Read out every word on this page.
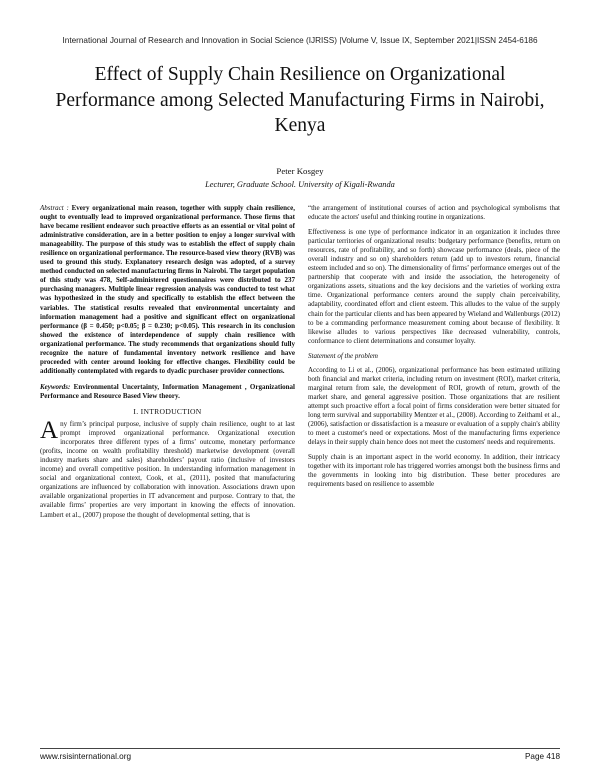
International Journal of Research and Innovation in Social Science (IJRISS) |Volume V, Issue IX, September 2021|ISSN 2454-6186
Effect of Supply Chain Resilience on Organizational Performance among Selected Manufacturing Firms in Nairobi, Kenya
Peter Kosgey
Lecturer, Graduate School. University of Kigali-Rwanda
Abstract : Every organizational main reason, together with supply chain resilience, ought to eventually lead to improved organizational performance. Those firms that have became resilient endeavor such proactive efforts as an essential or vital point of administrative consideration, are in a better position to enjoy a longer survival with manageability. The purpose of this study was to establish the effect of supply chain resilience on organizational performance. The resource-based view theory (RVB) was used to ground this study. Explanatory research design was adopted, of a survey method conducted on selected manufacturing firms in Nairobi. The target population of this study was 478, Self-administered questionnaires were distributed to 237 purchasing managers. Multiple linear regression analysis was conducted to test what was hypothesized in the study and specifically to establish the effect between the variables. The statistical results revealed that environmental uncertainty and information management had a positive and significant effect on organizational performance (β = 0.450; p<0.05; β = 0.230; p<0.05). This research in its conclusion showed the existence of interdependence of supply chain resilience with organizational performance. The study recommends that organizations should fully recognize the nature of fundamental inventory network resilience and have proceeded with center around looking for effective changes. Flexibility could be additionally contemplated with regards to dyadic purchaser provider connections.
Keywords: Environmental Uncertainty, Information Management , Organizational Performance and Resource Based View theory.
I. INTRODUCTION
Any firm’s principal purpose, inclusive of supply chain resilience, ought to at last prompt improved organizational performance. Organizational execution incorporates three different types of a firms’ outcome, monetary performance (profits, income on wealth profitability threshold) marketwise development (overall industry markets share and sales) shareholders’ payout ratio (inclusive of investors income) and overall competitive position. In understanding information management in social and organizational context, Cook, et al., (2011), posited that manufacturing organizations are influenced by collaboration with innovation. Associations drawn upon available organizational properties in IT advancement and purpose. Contrary to that, the available firms’ properties are very important in knowing the effects of innovation. Lambert et al., (2007) propose the thought of developmental setting, that is
“the arrangement of institutional courses of action and psychological symbolisms that educate the actors' useful and thinking routine in organizations.
Effectiveness is one type of performance indicator in an organization it includes three particular territories of organizational results: budgetary performance (benefits, return on resources, rate of profitability, and so forth) showcase performance (deals, piece of the overall industry and so on) shareholders return (add up to investors return, financial esteem included and so on). The dimensionality of firms’ performance emerges out of the partnership that cooperate with and inside the association, the heterogeneity of organizations assets, situations and the key decisions and the varieties of working extra time. Organizational performance centers around the supply chain perceivability, adaptability, coordinated effort and client esteem. This alludes to the value of the supply chain for the particular clients and has been appeared by Wieland and Wallenburgs (2012) to be a commanding performance measurement coming about because of flexibility. It likewise alludes to various perspectives like decreased vulnerability, controls, conformance to client determinations and consumer loyalty.
Statement of the problem
According to Li et al., (2006), organizational performance has been estimated utilizing both financial and market criteria, including return on investment (ROI), market criteria, marginal return from sale, the development of ROI, growth of return, growth of the market share, and general aggressive position. Those organizations that are resilient attempt such proactive effort a focal point of firms consideration were better situated for long term survival and supportability Mentzer et al., (2008). According to Zeithaml et al., (2006), satisfaction or dissatisfaction is a measure or evaluation of a supply chain's ability to meet a customer's need or expectations. Most of the manufacturing firms experience delays in their supply chain hence does not meet the customers' needs and requirements.
Supply chain is an important aspect in the world economy. In addition, their intricacy together with its important role has triggered worries amongst both the business firms and the governments in looking into big distribution. These better procedures are requirements based on resilience to assemble
www.rsisinternational.org	Page 418
